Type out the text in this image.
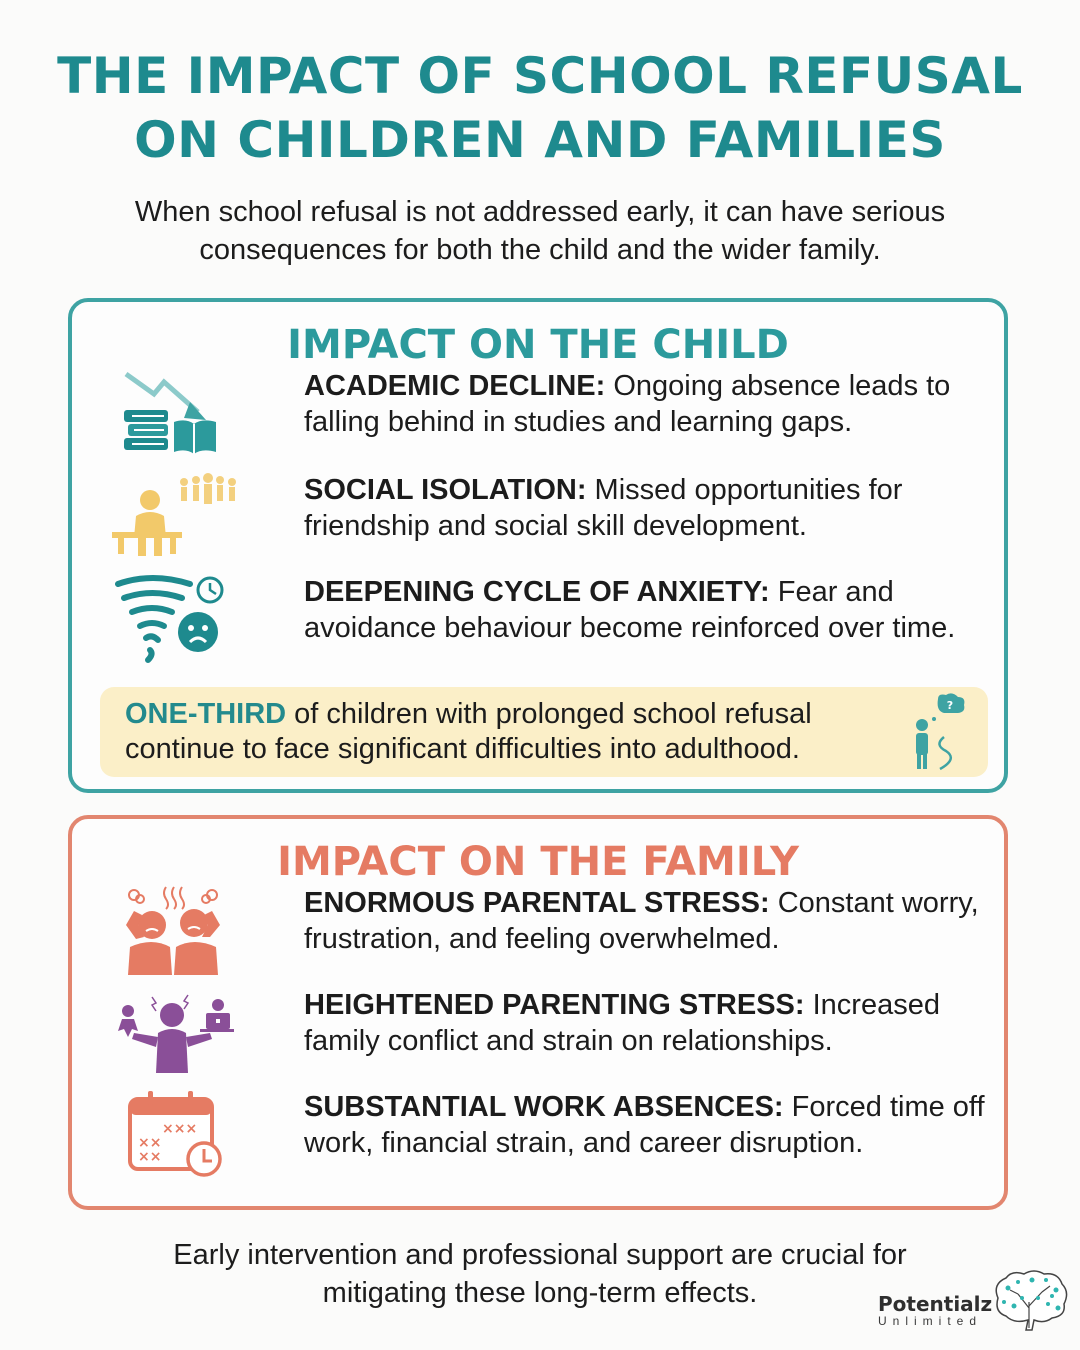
THE IMPACT OF SCHOOL REFUSAL
ON CHILDREN AND FAMILIES
When school refusal is not addressed early, it can have serious
consequences for both the child and the wider family.
IMPACT ON THE CHILD
ACADEMIC DECLINE: Ongoing absence leads to
falling behind in studies and learning gaps.
SOCIAL ISOLATION: Missed opportunities for
friendship and social skill development.
DEEPENING CYCLE OF ANXIETY: Fear and
avoidance behaviour become reinforced over time.
ONE-THIRD of children with prolonged school refusal
continue to face significant difficulties into adulthood.
?
IMPACT ON THE FAMILY
ENORMOUS PARENTAL STRESS: Constant worry,
frustration, and feeling overwhelmed.
HEIGHTENED PARENTING STRESS: Increased
family conflict and strain on relationships.
×××
××
××
SUBSTANTIAL WORK ABSENCES: Forced time off
work, financial strain, and career disruption.
Early intervention and professional support are crucial for
mitigating these long-term effects.	Potentialz
Unlimited
